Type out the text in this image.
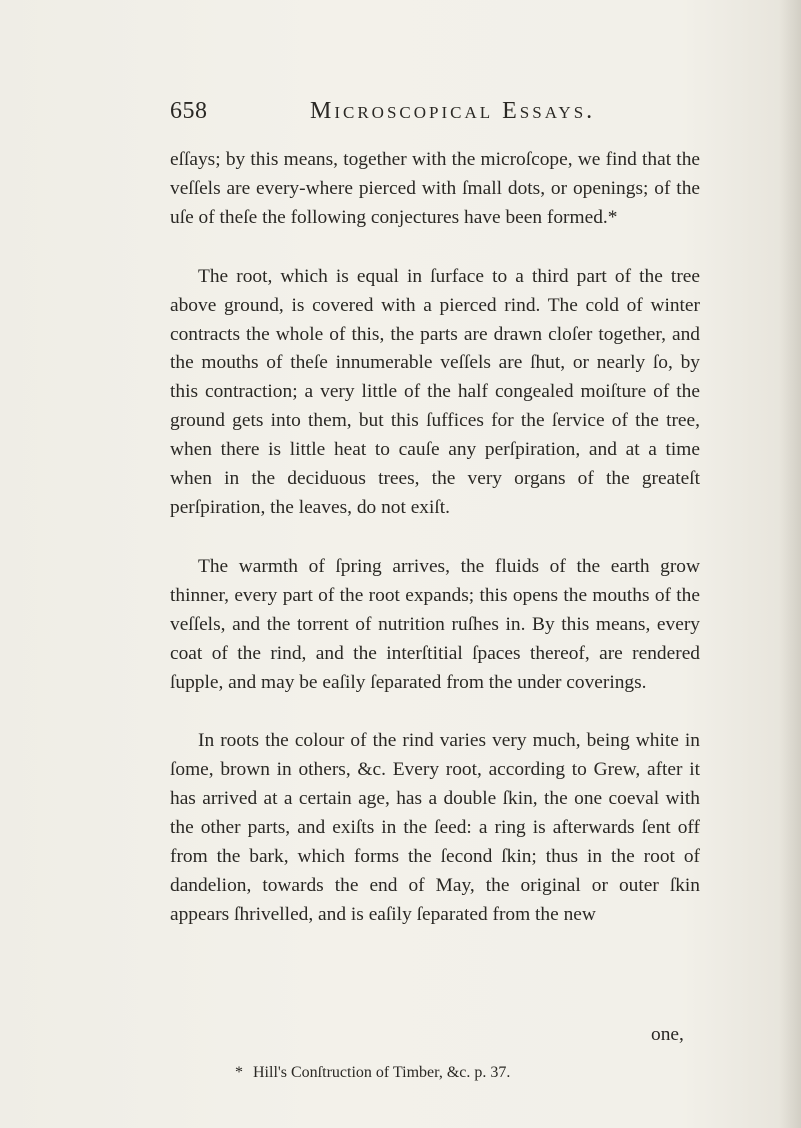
658	Microscopical Essays.

eſſays; by this means, together with the microſcope, we find that the veſſels are every-where pierced with ſmall dots, or openings; of the uſe of theſe the following conjectures have been formed.*

The root, which is equal in ſurface to a third part of the tree above ground, is covered with a pierced rind. The cold of winter contracts the whole of this, the parts are drawn cloſer together, and the mouths of theſe innumerable veſſels are ſhut, or nearly ſo, by this contraction; a very little of the half congealed moiſture of the ground gets into them, but this ſuffices for the ſervice of the tree, when there is little heat to cauſe any perſpiration, and at a time when in the deciduous trees, the very organs of the greateſt perſpiration, the leaves, do not exiſt.

The warmth of ſpring arrives, the fluids of the earth grow thinner, every part of the root expands; this opens the mouths of the veſſels, and the torrent of nutrition ruſhes in. By this means, every coat of the rind, and the interſtitial ſpaces thereof, are rendered ſupple, and may be eaſily ſeparated from the under coverings.

In roots the colour of the rind varies very much, being white in ſome, brown in others, &c. Every root, according to Grew, after it has arrived at a certain age, has a double ſkin, the one coeval with the other parts, and exiſts in the ſeed: a ring is afterwards ſent off from the bark, which forms the ſecond ſkin; thus in the root of dandelion, towards the end of May, the original or outer ſkin appears ſhrivelled, and is eaſily ſeparated from the new

one,
* Hill's Conſtruction of Timber, &c. p. 37.
